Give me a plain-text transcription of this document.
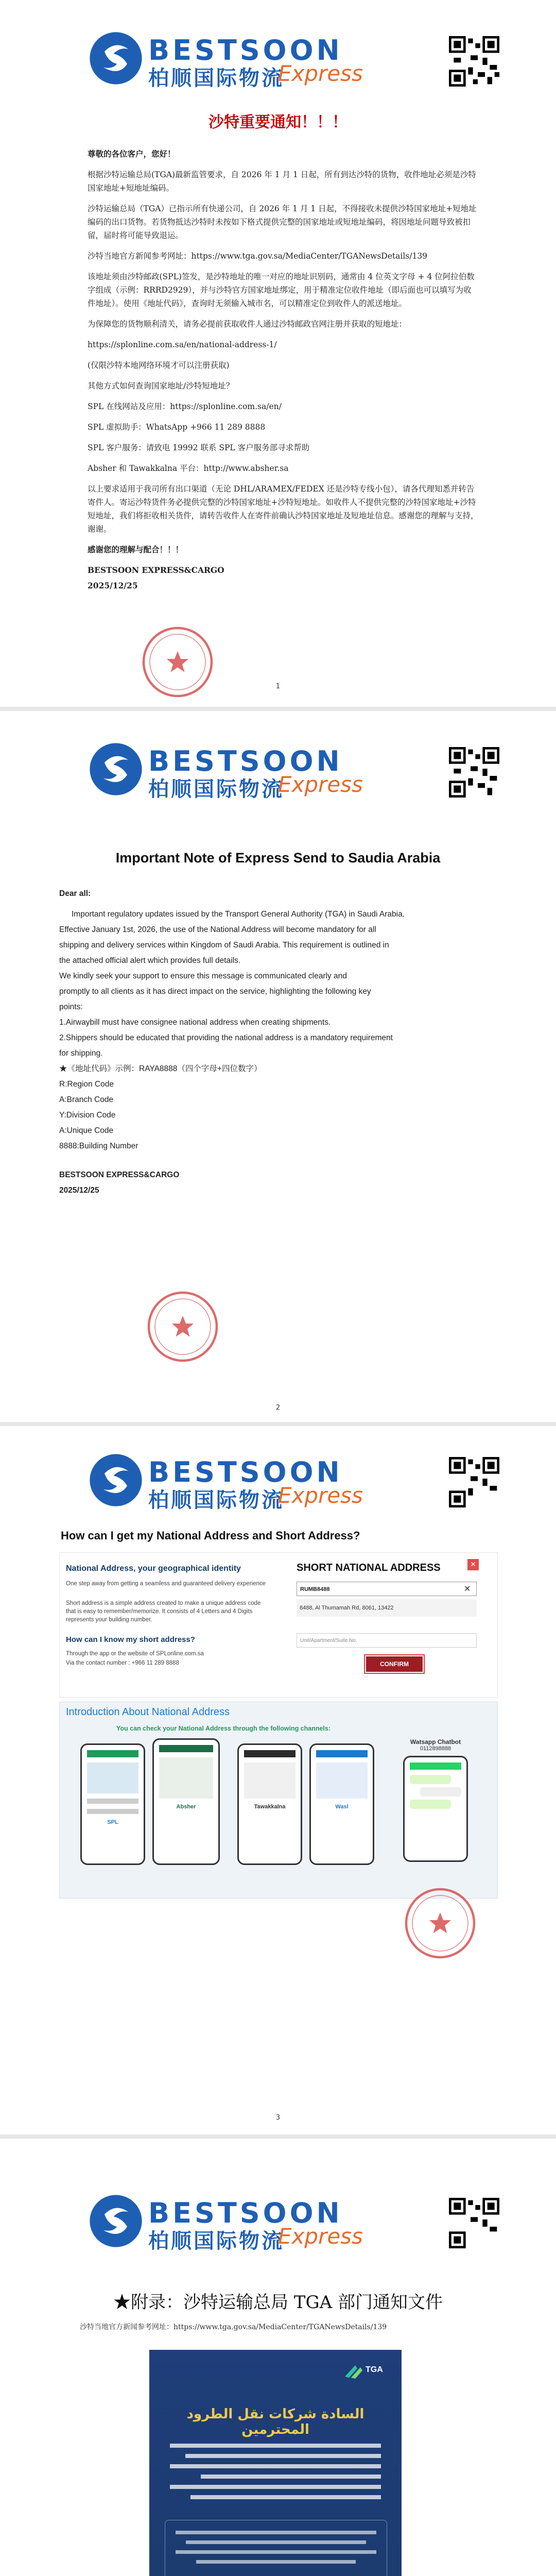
BESTSOON
柏顺国际物流
Express
沙特重要通知！！！

尊敬的各位客户，您好！

根据沙特运输总局(TGA)最新监管要求，自 2026 年 1 月 1 日起，所有到达沙特的货物，收件地址必须是沙特国家地址+短地址编码。

沙特运输总局（TGA）已指示所有快递公司，自 2026 年 1 月 1 日起，不得接收未提供沙特国家地址+短地址编码的出口货物。若货物抵达沙特时未按如下格式提供完整的国家地址或短地址编码，将因地址问题导致被扣留，届时将可能导致退运。

沙特当地官方新闻参考网址：https://www.tga.gov.sa/MediaCenter/TGANewsDetails/139

该地址须由沙特邮政(SPL)签发，是沙特地址的唯一对应的地址识别码，通常由 4 位英文字母 + 4 位阿拉伯数字组成（示例：RRRD2929），并与沙特官方国家地址绑定，用于精准定位收件地址（即后面也可以填写为收件地址）。使用《地址代码》，查询时无须输入城市名，可以精准定位到收件人的派送地址。

为保障您的货物顺利清关，请务必提前获取收件人通过沙特邮政官网注册并获取的短地址：

https://splonline.com.sa/en/national-address-1/

(仅限沙特本地网络环境才可以注册获取)

其他方式如何查询国家地址/沙特短地址？

SPL 在线网站及应用：https://splonline.com.sa/en/

SPL 虚拟助手：WhatsApp +966 11 289 8888

SPL 客户服务：请致电 19992 联系 SPL 客户服务部寻求帮助

Absher 和 Tawakkalna 平台：http://www.absher.sa

以上要求适用于我司所有出口渠道（无论 DHL/ARAMEX/FEDEX 还是沙特专线小包），请各代理知悉并转告寄件人。寄运沙特货件务必提供完整的沙特国家地址+沙特短地址。如收件人不提供完整的沙特国家地址+沙特短地址，我们将拒收相关货件，请转告收件人在寄件前确认沙特国家地址及短地址信息。感谢您的理解与支持，谢谢。

感谢您的理解与配合！！！

BESTSOON EXPRESS&CARGO

2025/12/25

1
BESTSOON
柏顺国际物流
Express
Important Note of Express Send to Saudia Arabia

Dear all:

Important regulatory updates issued by the Transport General Authority (TGA) in Saudi Arabia.

Effective January 1st, 2026, the use of the National Address will become mandatory for all

shipping and delivery services within Kingdom of Saudi Arabia. This requirement is outlined in

the attached official alert which provides full details.

We kindly seek your support to ensure this message is communicated clearly and

promptly to all clients as it has direct impact on the service, highlighting the following key

points:

1.Airwaybill must have consignee national address when creating shipments.

2.Shippers should be educated that providing the national address is a mandatory requirement

for shipping.

★《地址代码》示例：RAYA8888（四个字母+四位数字）

R:Region Code

A:Branch Code

Y:Division Code

A:Unique Code

8888:Building Number

BESTSOON EXPRESS&CARGO

2025/12/25

2
BESTSOON
柏顺国际物流
Express
How can I get my National Address and Short Address?
National Address, your geographical identity
One step away from getting a seamless and guaranteed delivery experience
Short address is a simple address created to make a unique address code that is easy to remember/memorize. It consists of 4 Letters and 4 Digits represents your building number.
How can I know my short address?
Through the app or the website of SPLonline.com.sa
Via the contact number : +966 11 289 8888
SHORT NATIONAL ADDRESS	✕
RUMB8488	✕
8488, Al Thumamah Rd, 8061, 13422
Unit/Apartment/Suite No.
CONFIRM
Introduction About National Address
You can check your National Address through the following channels:
SPL
Absher	Tawakkalna	Wasl
Watsapp Chatbot
0112898888
3
BESTSOON
柏顺国际物流
Express
★附录：沙特运输总局 TGA 部门通知文件
沙特当地官方新闻参考网址：https://www.tga.gov.sa/MediaCenter/TGANewsDetails/139
TGA
السادة شركات نقل الطرود المحترمين
